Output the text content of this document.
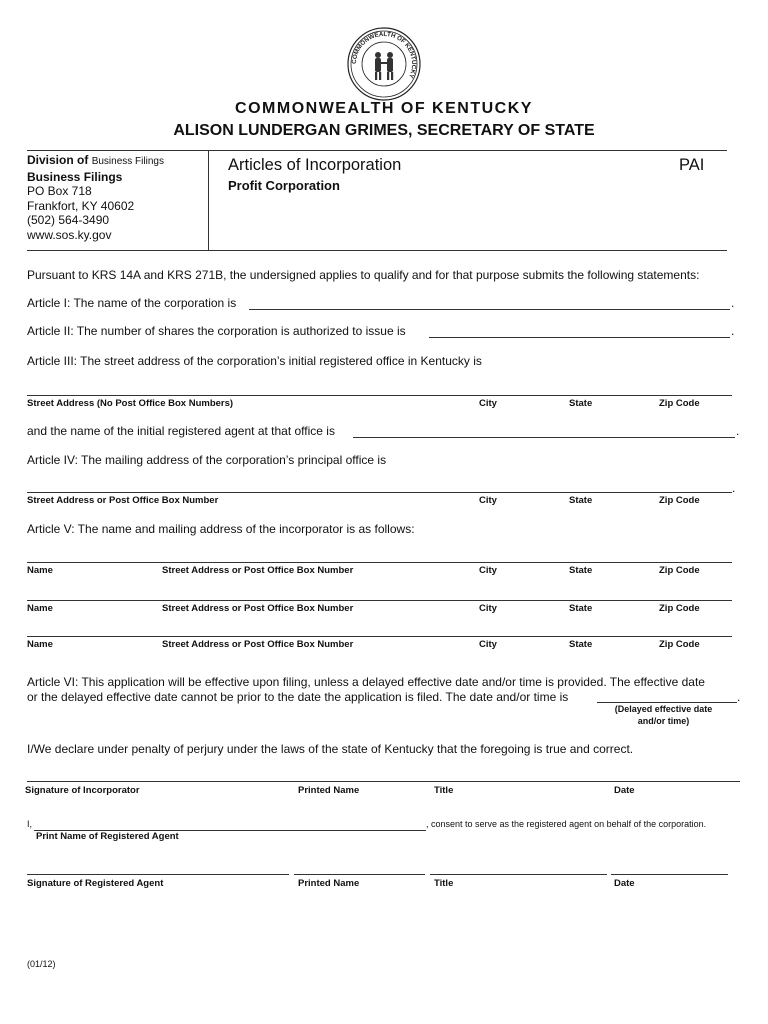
COMMONWEALTH OF KENTUCKY
COMMONWEALTH OF KENTUCKY
ALISON LUNDERGAN GRIMES, SECRETARY OF STATE
Division of Business Filings
Business Filings
PO Box 718
Frankfort, KY 40602
(502) 564-3490
www.sos.ky.gov
Articles of Incorporation
Profit Corporation
PAI
Pursuant to KRS 14A and KRS 271B, the undersigned applies to qualify and for that purpose submits the following statements:
Article I: The name of the corporation is	.
Article II: The number of shares the corporation is authorized to issue is	.
Article III: The street address of the corporation’s initial registered office in Kentucky is
Street Address (No Post Office Box Numbers)	City	State	Zip Code
and the name of the initial registered agent at that office is	.
Article IV: The mailing address of the corporation’s principal office is
.
Street Address or Post Office Box Number	City	State	Zip Code
Article V: The name and mailing address of the incorporator is as follows:
Name	Street Address or Post Office Box Number	City	State	Zip Code
Name	Street Address or Post Office Box Number	City	State	Zip Code
Name	Street Address or Post Office Box Number	City	State	Zip Code
Article VI: This application will be effective upon filing, unless a delayed effective date and/or time is provided. The effective date
or the delayed effective date cannot be prior to the date the application is filed. The date and/or time is	.
(Delayed effective date
and/or time)
I/We declare under penalty of perjury under the laws of the state of Kentucky that the foregoing is true and correct.
Signature of Incorporator	Printed Name	Title	Date
I,	, consent to serve as the registered agent on behalf of the corporation.
Print Name of Registered Agent
Signature of Registered Agent	Printed Name	Title	Date
(01/12)
